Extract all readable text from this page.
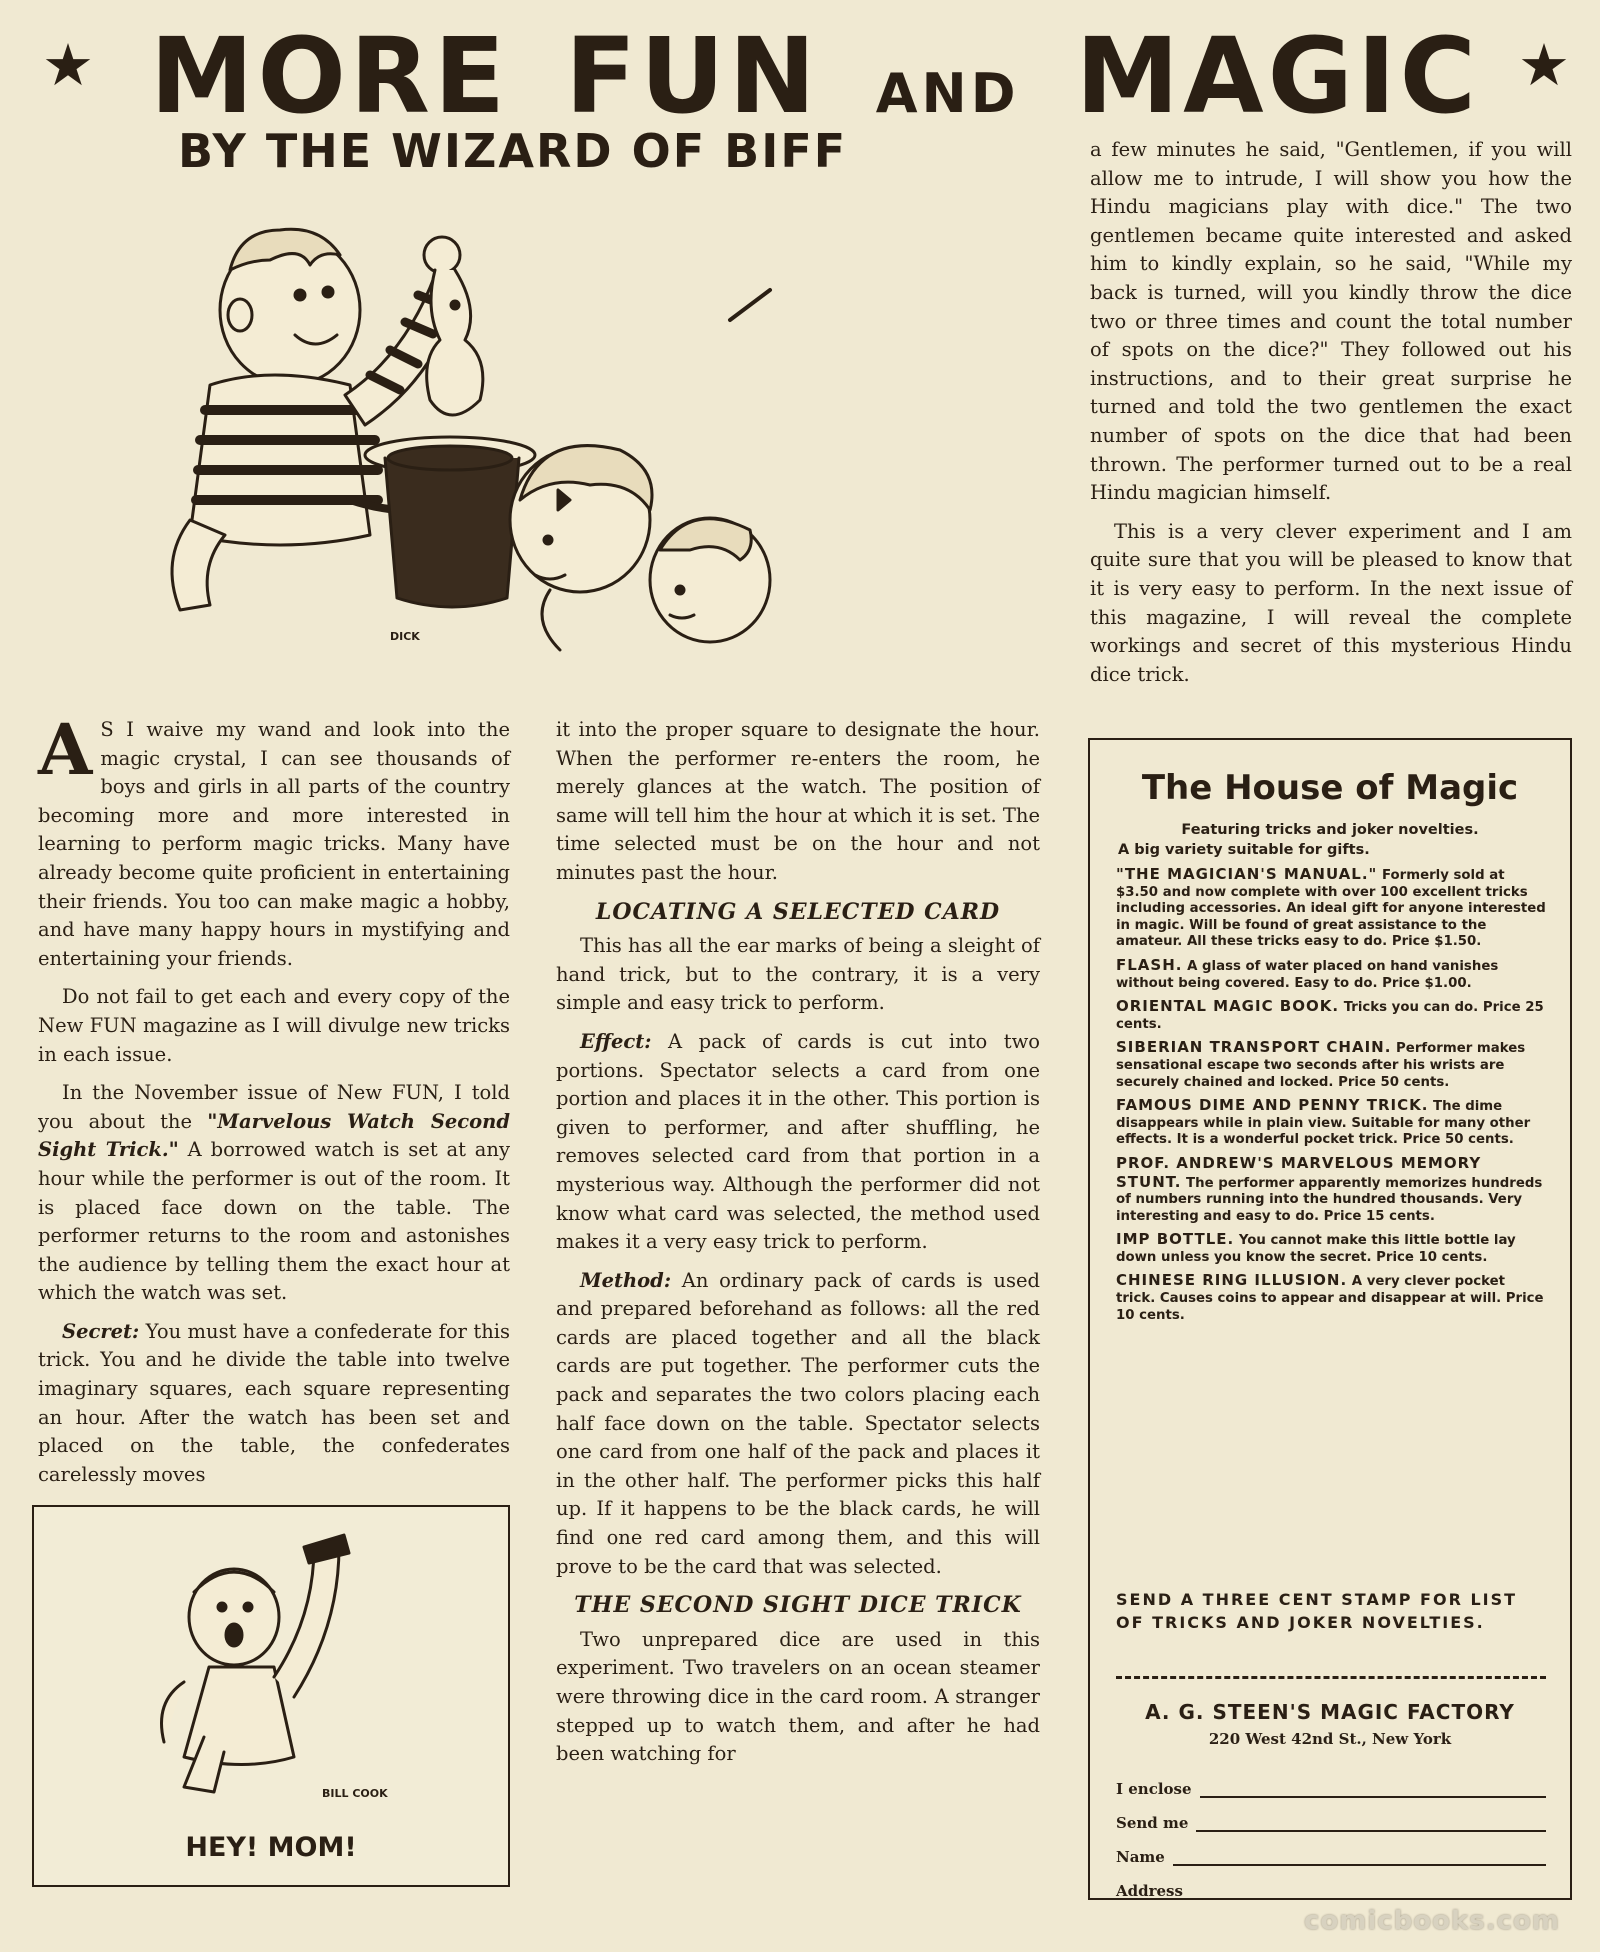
★ MORE FUN AND MAGIC ★
BY THE WIZARD OF BIFF
DICK

A S I waive my wand and look into the magic crystal, I can see thousands of boys and girls in all parts of the country becoming more and more interested in learning to perform magic tricks. Many have already become quite proficient in entertaining their friends. You too can make magic a hobby, and have many happy hours in mystifying and entertaining your friends.

Do not fail to get each and every copy of the New FUN magazine as I will divulge new tricks in each issue.

In the November issue of New FUN, I told you about the "Marvelous Watch Second Sight Trick." A borrowed watch is set at any hour while the performer is out of the room. It is placed face down on the table. The performer returns to the room and astonishes the audience by telling them the exact hour at which the watch was set.

Secret: You must have a confederate for this trick. You and he divide the table into twelve imaginary squares, each square representing an hour. After the watch has been set and placed on the table, the confederates carelessly moves

BILL COOK
HEY! MOM!

it into the proper square to designate the hour. When the performer re-enters the room, he merely glances at the watch. The position of same will tell him the hour at which it is set. The time selected must be on the hour and not minutes past the hour.

LOCATING A SELECTED CARD

This has all the ear marks of being a sleight of hand trick, but to the contrary, it is a very simple and easy trick to perform.

Effect: A pack of cards is cut into two portions. Spectator selects a card from one portion and places it in the other. This portion is given to performer, and after shuffling, he removes selected card from that portion in a mysterious way. Although the performer did not know what card was selected, the method used makes it a very easy trick to perform.

Method: An ordinary pack of cards is used and prepared beforehand as follows: all the red cards are placed together and all the black cards are put together. The performer cuts the pack and separates the two colors placing each half face down on the table. Spectator selects one card from one half of the pack and places it in the other half. The performer picks this half up. If it happens to be the black cards, he will find one red card among them, and this will prove to be the card that was selected.

THE SECOND SIGHT DICE TRICK

Two unprepared dice are used in this experiment. Two travelers on an ocean steamer were throwing dice in the card room. A stranger stepped up to watch them, and after he had been watching for

a few minutes he said, "Gentlemen, if you will allow me to intrude, I will show you how the Hindu magicians play with dice." The two gentlemen became quite interested and asked him to kindly explain, so he said, "While my back is turned, will you kindly throw the dice two or three times and count the total number of spots on the dice?" They followed out his instructions, and to their great surprise he turned and told the two gentlemen the exact number of spots on the dice that had been thrown. The performer turned out to be a real Hindu magician himself.

This is a very clever experiment and I am quite sure that you will be pleased to know that it is very easy to perform. In the next issue of this magazine, I will reveal the complete workings and secret of this mysterious Hindu dice trick.

The House of Magic
Featuring tricks and joker novelties.
A big variety suitable for gifts.
"THE MAGICIAN'S MANUAL." Formerly sold at $3.50 and now complete with over 100 excellent tricks including accessories. An ideal gift for anyone interested in magic. Will be found of great assistance to the amateur. All these tricks easy to do. Price $1.50.
FLASH. A glass of water placed on hand vanishes without being covered. Easy to do. Price $1.00.
ORIENTAL MAGIC BOOK. Tricks you can do. Price 25 cents.
SIBERIAN TRANSPORT CHAIN. Performer makes sensational escape two seconds after his wrists are securely chained and locked. Price 50 cents.
FAMOUS DIME AND PENNY TRICK. The dime disappears while in plain view. Suitable for many other effects. It is a wonderful pocket trick. Price 50 cents.
PROF. ANDREW'S MARVELOUS MEMORY STUNT. The performer apparently memorizes hundreds of numbers running into the hundred thousands. Very interesting and easy to do. Price 15 cents.
IMP BOTTLE. You cannot make this little bottle lay down unless you know the secret. Price 10 cents.
CHINESE RING ILLUSION. A very clever pocket trick. Causes coins to appear and disappear at will. Price 10 cents.
SEND A THREE CENT STAMP FOR LIST OF TRICKS AND JOKER NOVELTIES.
A. G. STEEN'S MAGIC FACTORY
220 West 42nd St., New York
I enclose
Send me
Name
Address
comicbooks.com
